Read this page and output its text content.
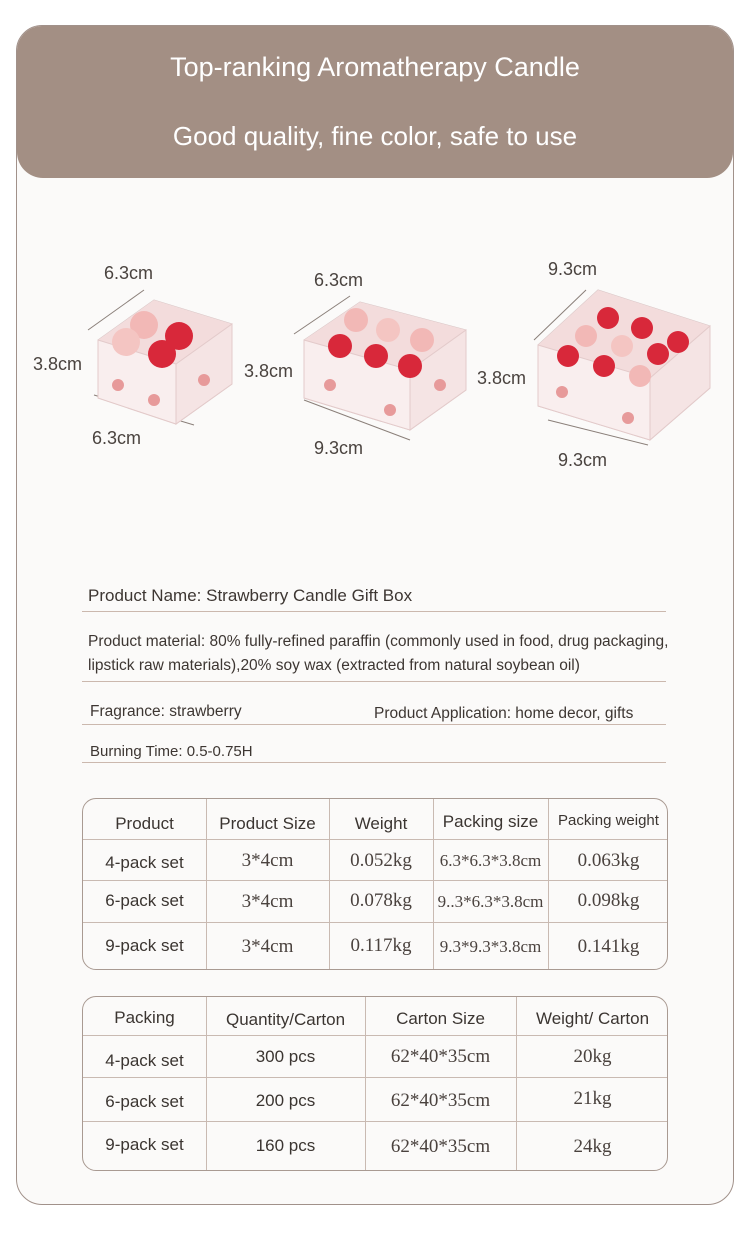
Top-ranking Aromatherapy Candle
Good quality, fine color, safe to use
6.3cm
3.8cm
6.3cm
6.3cm
3.8cm
9.3cm
9.3cm
3.8cm
9.3cm
Product Name: Strawberry Candle Gift Box
Product material: 80% fully-refined paraffin (commonly used in food, drug packaging,
lipstick raw materials),20% soy wax (extracted from natural soybean oil)
Fragrance: strawberry	Product Application: home decor, gifts
Burning Time: 0.5-0.75H
Product	Product Size	Weight	Packing size	Packing weight
4-pack set	3*4cm	0.052kg	6.3*6.3*3.8cm	0.063kg
6-pack set	3*4cm	0.078kg	9..3*6.3*3.8cm	0.098kg
9-pack set	3*4cm	0.117kg	9.3*9.3*3.8cm	0.141kg
Packing	Quantity/Carton	Carton Size	Weight/ Carton
4-pack set	300 pcs	62*40*35cm	20kg
6-pack set	200 pcs	62*40*35cm	21kg
9-pack set	160 pcs	62*40*35cm	24kg
